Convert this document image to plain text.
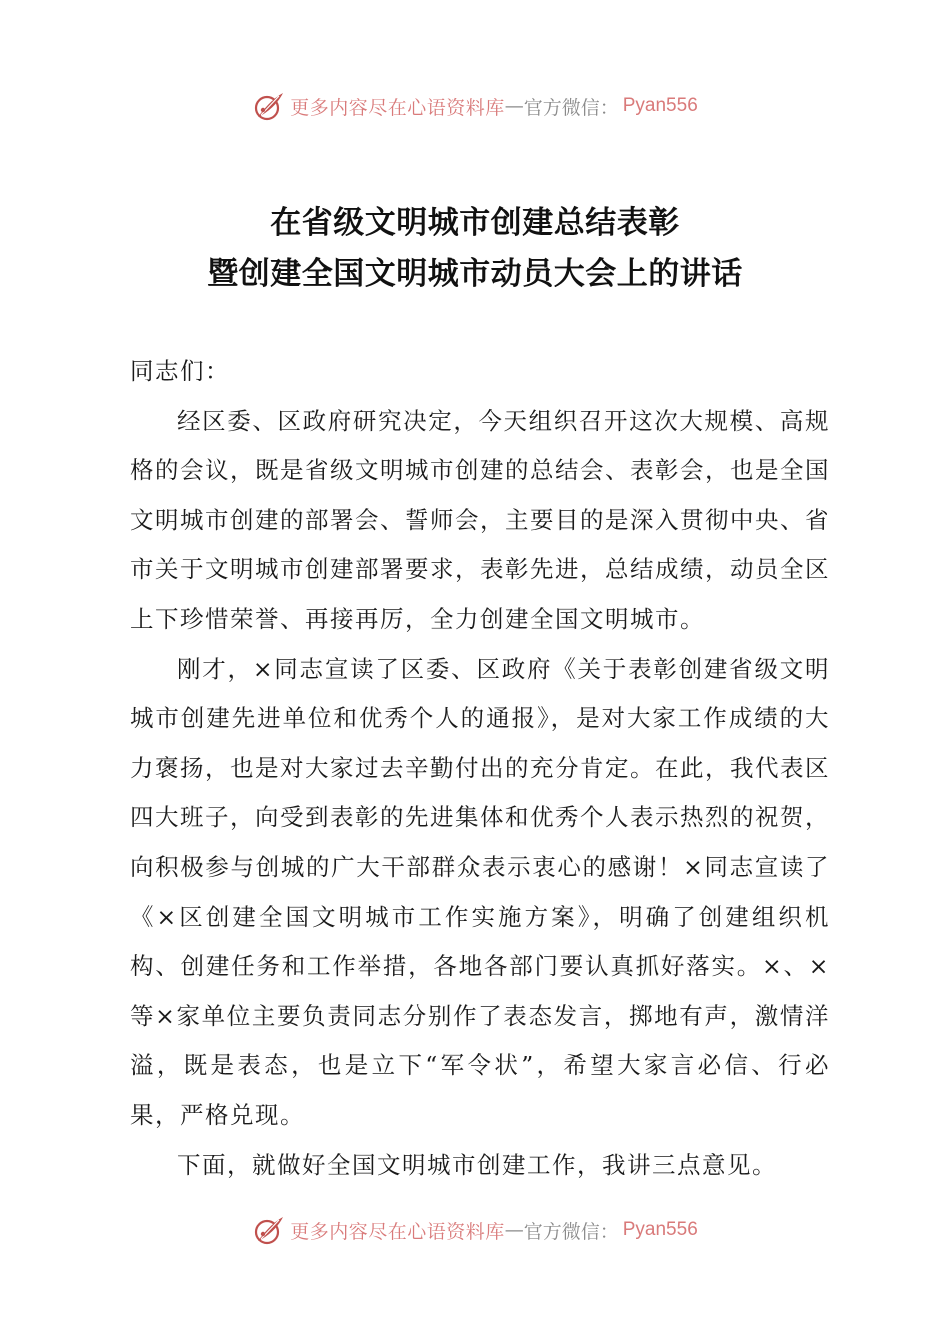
更多内容尽在心语资料库 — 官方微信： Pyan556
在省级文明城市创建总结表彰
暨创建全国文明城市动员大会上的讲话

同志们：

经区委、区政府研究决定，今天组织召开这次大规模、高规格的会议，既是省级文明城市创建的总结会、表彰会，也是全国文明城市创建的部署会、誓师会，主要目的是深入贯彻中央、省市关于文明城市创建部署要求，表彰先进，总结成绩，动员全区上下珍惜荣誉、再接再厉，全力创建全国文明城市。

刚才，×同志宣读了区委、区政府《关于表彰创建省级文明城市创建先进单位和优秀个人的通报》，是对大家工作成绩的大力褒扬，也是对大家过去辛勤付出的充分肯定。在此，我代表区四大班子，向受到表彰的先进集体和优秀个人表示热烈的祝贺，向积极参与创城的广大干部群众表示衷心的感谢！×同志宣读了《×区创建全国文明城市工作实施方案》，明确了创建组织机构、创建任务和工作举措，各地各部门要认真抓好落实。×、×等×家单位主要负责同志分别作了表态发言，掷地有声，激情洋溢，既是表态，也是立下“军令状”，希望大家言必信、行必果，严格兑现。

下面，就做好全国文明城市创建工作，我讲三点意见。

更多内容尽在心语资料库 — 官方微信： Pyan556
